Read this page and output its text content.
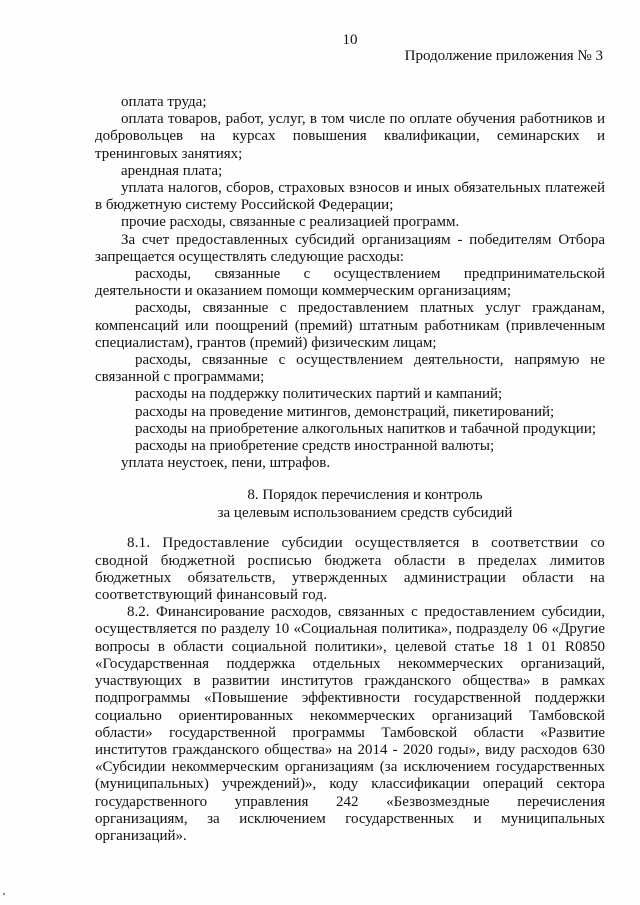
10
Продолжение приложения № 3

оплата труда;

оплата товаров, работ, услуг, в том числе по оплате обучения работников и добровольцев на курсах повышения квалификации, семинарских и тренинговых занятиях;

арендная плата;

уплата налогов, сборов, страховых взносов и иных обязательных платежей в бюджетную систему Российской Федерации;

прочие расходы, связанные с реализацией программ.

За счет предоставленных субсидий организациям - победителям Отбора запрещается осуществлять следующие расходы:

расходы, связанные с осуществлением предпринимательской деятельности и оказанием помощи коммерческим организациям;

расходы, связанные с предоставлением платных услуг гражданам, компенсаций или поощрений (премий) штатным работникам (привлеченным специалистам), грантов (премий) физическим лицам;

расходы, связанные с осуществлением деятельности, напрямую не связанной с программами;

расходы на поддержку политических партий и кампаний;

расходы на проведение митингов, демонстраций, пикетирований;

расходы на приобретение алкогольных напитков и табачной продукции;

расходы на приобретение средств иностранной валюты;

уплата неустоек, пени, штрафов.

8. Порядок перечисления и контроль
за целевым использованием средств субсидий

8.1. Предоставление субсидии осуществляется в соответствии со сводной бюджетной росписью бюджета области в пределах лимитов бюджетных обязательств, утвержденных администрации области на соответствующий финансовый год.

8.2. Финансирование расходов, связанных с предоставлением субсидии, осуществляется по разделу 10 «Социальная политика», подразделу 06 «Другие вопросы в области социальной политики», целевой статье 18 1 01 R0850 «Государственная поддержка отдельных некоммерческих организаций, участвующих в развитии институтов гражданского общества» в рамках подпрограммы «Повышение эффективности государственной поддержки социально ориентированных некоммерческих организаций Тамбовской области» государственной программы Тамбовской области «Развитие институтов гражданского общества» на 2014 - 2020 годы», виду расходов 630 «Субсидии некоммерческим организациям (за исключением государственных (муниципальных) учреждений)», коду классификации операций сектора государственного управления 242 «Безвозмездные перечисления организациям, за исключением государственных и муниципальных организаций».
